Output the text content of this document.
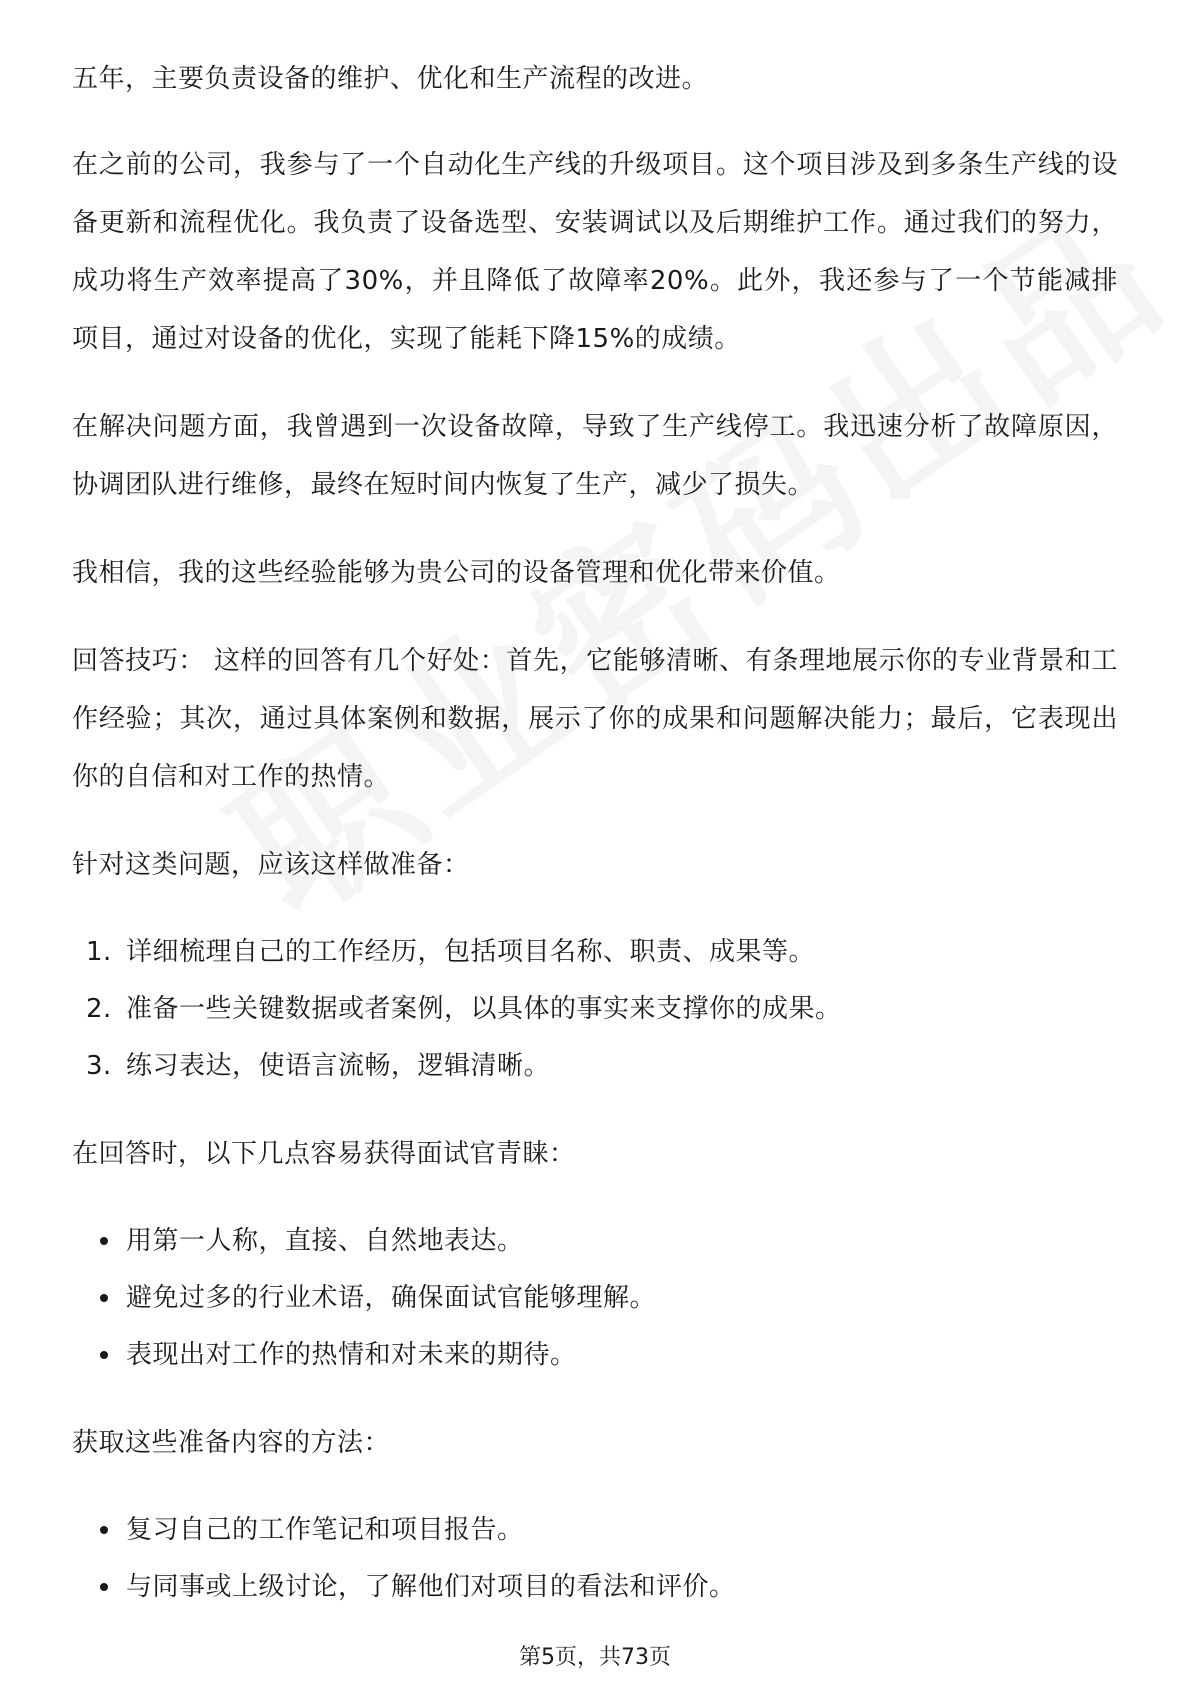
五年，主要负责设备的维护、优化和生产流程的改进。

在之前的公司，我参与了一个自动化生产线的升级项目。这个项目涉及到多条生产线的设备更新和流程优化。我负责了设备选型、安装调试以及后期维护工作。通过我们的努力，成功将生产效率提高了30%，并且降低了故障率20%。此外，我还参与了一个节能减排项目，通过对设备的优化，实现了能耗下降15%的成绩。

在解决问题方面，我曾遇到一次设备故障，导致了生产线停工。我迅速分析了故障原因，协调团队进行维修，最终在短时间内恢复了生产，减少了损失。

我相信，我的这些经验能够为贵公司的设备管理和优化带来价值。

回答技巧： 这样的回答有几个好处：首先，它能够清晰、有条理地展示你的专业背景和工作经验；其次，通过具体案例和数据，展示了你的成果和问题解决能力；最后，它表现出你的自信和对工作的热情。

针对这类问题，应该这样做准备：

1. 详细梳理自己的工作经历，包括项目名称、职责、成果等。
2. 准备一些关键数据或者案例，以具体的事实来支撑你的成果。
3. 练习表达，使语言流畅，逻辑清晰。

在回答时，以下几点容易获得面试官青睐：

用第一人称，直接、自然地表达。
避免过多的行业术语，确保面试官能够理解。
表现出对工作的热情和对未来的期待。

获取这些准备内容的方法：

复习自己的工作笔记和项目报告。
与同事或上级讨论，了解他们对项目的看法和评价。
第5页，共73页
